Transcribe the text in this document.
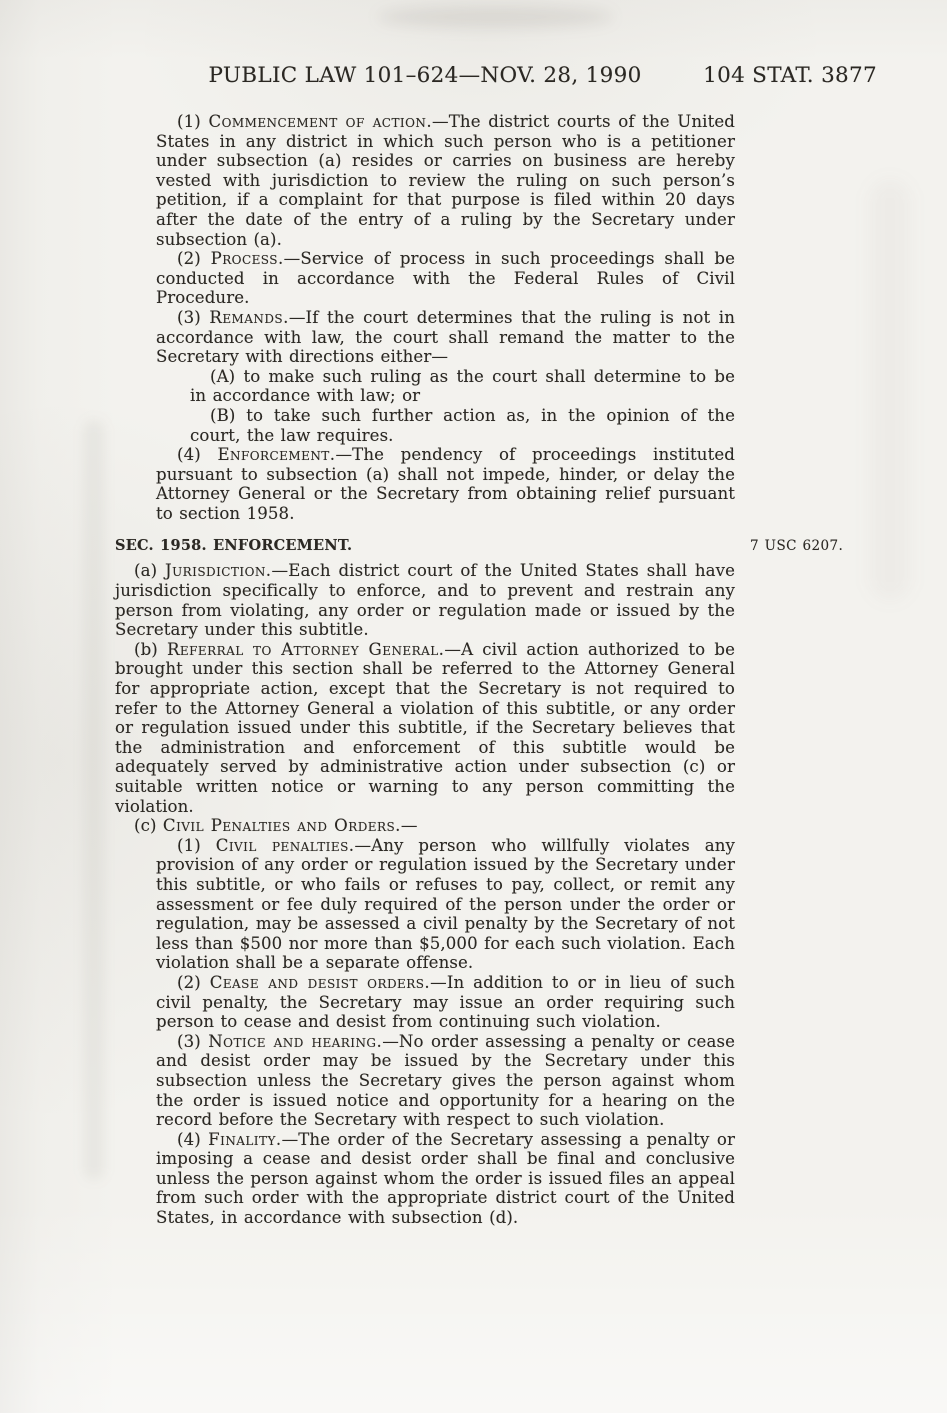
PUBLIC LAW 101–624—NOV. 28, 1990	104 STAT. 3877

(1) Commencement of action.—The district courts of the United States in any district in which such person who is a petitioner under subsection (a) resides or carries on business are hereby vested with jurisdiction to review the ruling on such person’s petition, if a complaint for that purpose is filed within 20 days after the date of the entry of a ruling by the Secretary under subsection (a).

(2) Process.—Service of process in such proceedings shall be conducted in accordance with the Federal Rules of Civil Procedure.

(3) Remands.—If the court determines that the ruling is not in accordance with law, the court shall remand the matter to the Secretary with directions either—

(A) to make such ruling as the court shall determine to be in accordance with law; or

(B) to take such further action as, in the opinion of the court, the law requires.

(4) Enforcement.—The pendency of proceedings instituted pursuant to subsection (a) shall not impede, hinder, or delay the Attorney General or the Secretary from obtaining relief pursuant to section 1958.

SEC. 1958. ENFORCEMENT.	7 USC 6207.

(a) Jurisdiction.—Each district court of the United States shall have jurisdiction specifically to enforce, and to prevent and restrain any person from violating, any order or regulation made or issued by the Secretary under this subtitle.

(b) Referral to Attorney General.—A civil action authorized to be brought under this section shall be referred to the Attorney General for appropriate action, except that the Secretary is not required to refer to the Attorney General a violation of this subtitle, or any order or regulation issued under this subtitle, if the Secretary believes that the administration and enforcement of this subtitle would be adequately served by administrative action under subsection (c) or suitable written notice or warning to any person committing the violation.

(c) Civil Penalties and Orders.—

(1) Civil penalties.—Any person who willfully violates any provision of any order or regulation issued by the Secretary under this subtitle, or who fails or refuses to pay, collect, or remit any assessment or fee duly required of the person under the order or regulation, may be assessed a civil penalty by the Secretary of not less than $500 nor more than $5,000 for each such violation. Each violation shall be a separate offense.

(2) Cease and desist orders.—In addition to or in lieu of such civil penalty, the Secretary may issue an order requiring such person to cease and desist from continuing such violation.

(3) Notice and hearing.—No order assessing a penalty or cease and desist order may be issued by the Secretary under this subsection unless the Secretary gives the person against whom the order is issued notice and opportunity for a hearing on the record before the Secretary with respect to such violation.

(4) Finality.—The order of the Secretary assessing a penalty or imposing a cease and desist order shall be final and conclusive unless the person against whom the order is issued files an appeal from such order with the appropriate district court of the United States, in accordance with subsection (d).
